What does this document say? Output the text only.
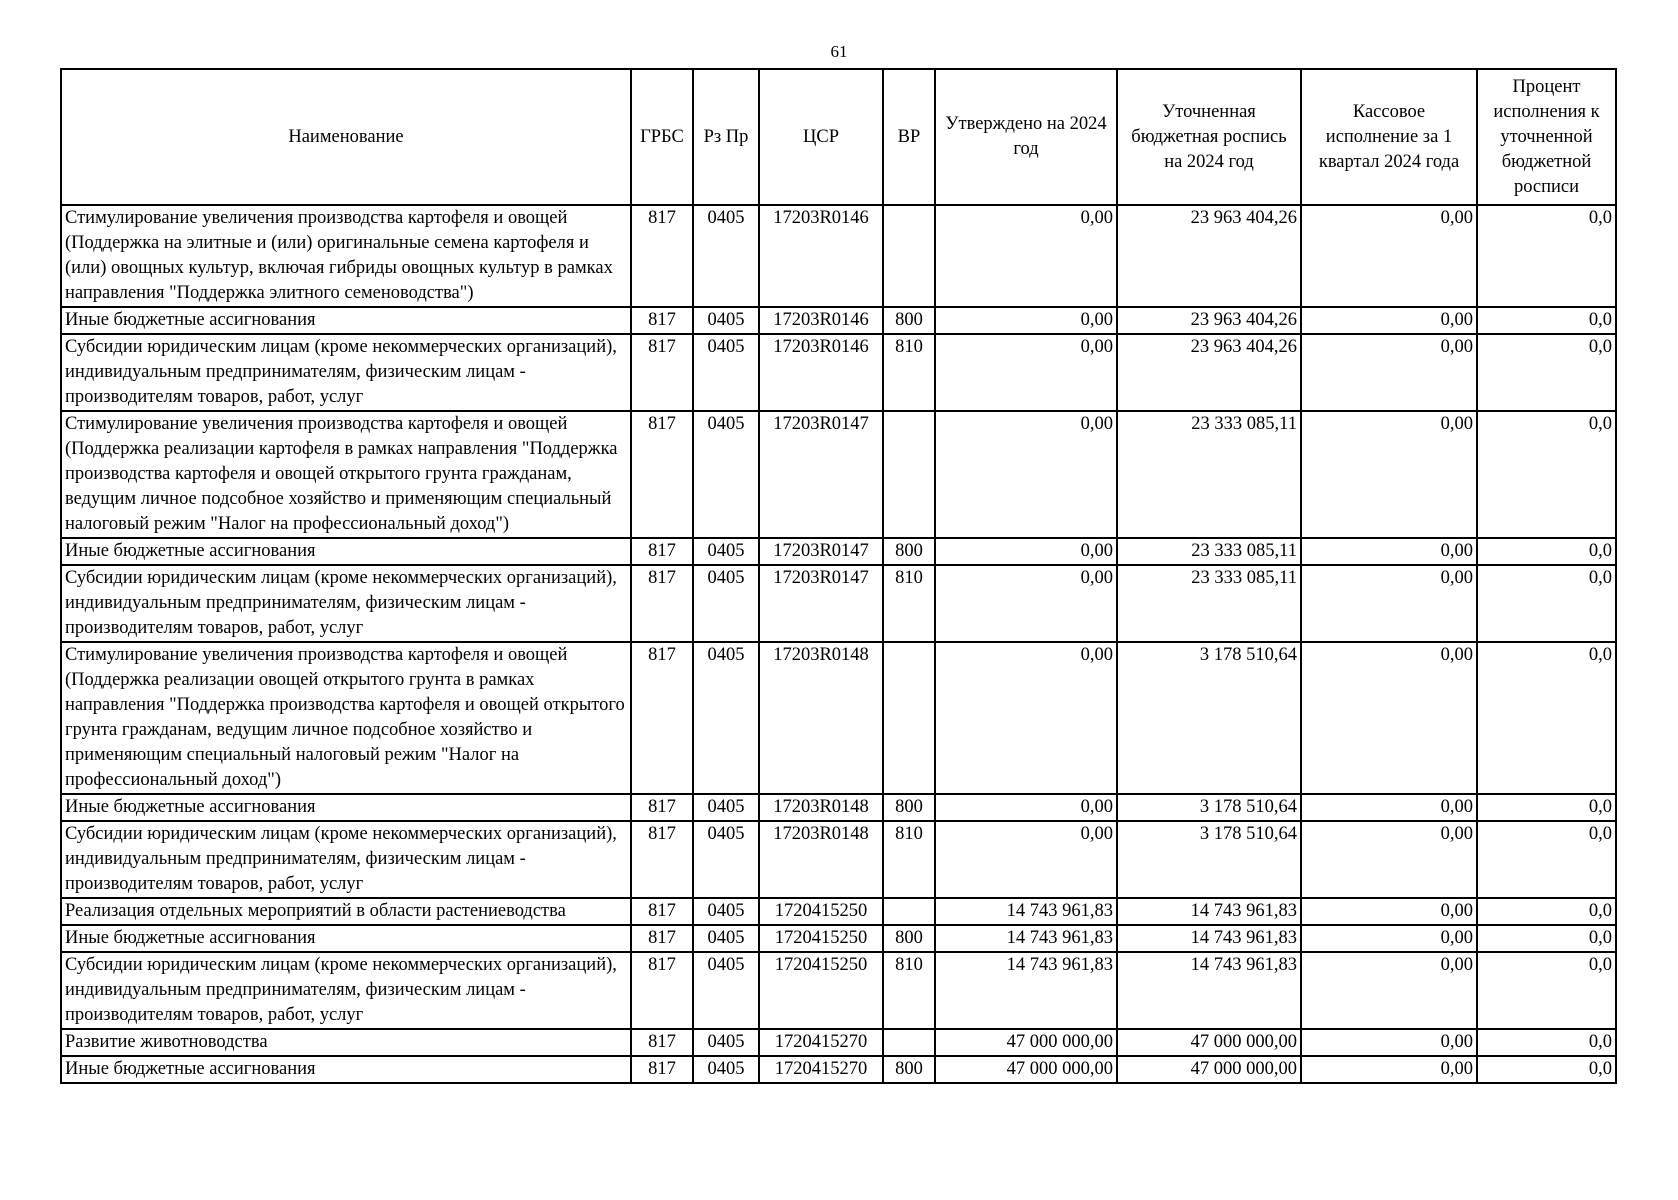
61
Наименование	ГРБС	Рз Пр	ЦСР	ВР	Утверждено на 2024 год	Уточненная бюджетная роспись на 2024 год	Кассовое исполнение за 1 квартал 2024 года	Процент исполнения к уточненной бюджетной росписи
Стимулирование увеличения производства картофеля и овощей (Поддержка на элитные и (или) оригинальные семена картофеля и (или) овощных культур, включая гибриды овощных культур в рамках направления "Поддержка элитного семеноводства")	817	0405	17203R0146		0,00	23 963 404,26	0,00	0,0
Иные бюджетные ассигнования	817	0405	17203R0146	800	0,00	23 963 404,26	0,00	0,0
Субсидии юридическим лицам (кроме некоммерческих организаций), индивидуальным предпринимателям, физическим лицам - производителям товаров, работ, услуг	817	0405	17203R0146	810	0,00	23 963 404,26	0,00	0,0
Стимулирование увеличения производства картофеля и овощей (Поддержка реализации картофеля в рамках направления "Поддержка производства картофеля и овощей открытого грунта гражданам, ведущим личное подсобное хозяйство и применяющим специальный налоговый режим "Налог на профессиональный доход")	817	0405	17203R0147		0,00	23 333 085,11	0,00	0,0
Иные бюджетные ассигнования	817	0405	17203R0147	800	0,00	23 333 085,11	0,00	0,0
Субсидии юридическим лицам (кроме некоммерческих организаций), индивидуальным предпринимателям, физическим лицам - производителям товаров, работ, услуг	817	0405	17203R0147	810	0,00	23 333 085,11	0,00	0,0
Стимулирование увеличения производства картофеля и овощей (Поддержка реализации овощей открытого грунта в рамках направления "Поддержка производства картофеля и овощей открытого грунта гражданам, ведущим личное подсобное хозяйство и применяющим специальный налоговый режим "Налог на профессиональный доход")	817	0405	17203R0148		0,00	3 178 510,64	0,00	0,0
Иные бюджетные ассигнования	817	0405	17203R0148	800	0,00	3 178 510,64	0,00	0,0
Субсидии юридическим лицам (кроме некоммерческих организаций), индивидуальным предпринимателям, физическим лицам - производителям товаров, работ, услуг	817	0405	17203R0148	810	0,00	3 178 510,64	0,00	0,0
Реализация отдельных мероприятий в области растениеводства	817	0405	1720415250		14 743 961,83	14 743 961,83	0,00	0,0
Иные бюджетные ассигнования	817	0405	1720415250	800	14 743 961,83	14 743 961,83	0,00	0,0
Субсидии юридическим лицам (кроме некоммерческих организаций), индивидуальным предпринимателям, физическим лицам - производителям товаров, работ, услуг	817	0405	1720415250	810	14 743 961,83	14 743 961,83	0,00	0,0
Развитие животноводства	817	0405	1720415270		47 000 000,00	47 000 000,00	0,00	0,0
Иные бюджетные ассигнования	817	0405	1720415270	800	47 000 000,00	47 000 000,00	0,00	0,0
